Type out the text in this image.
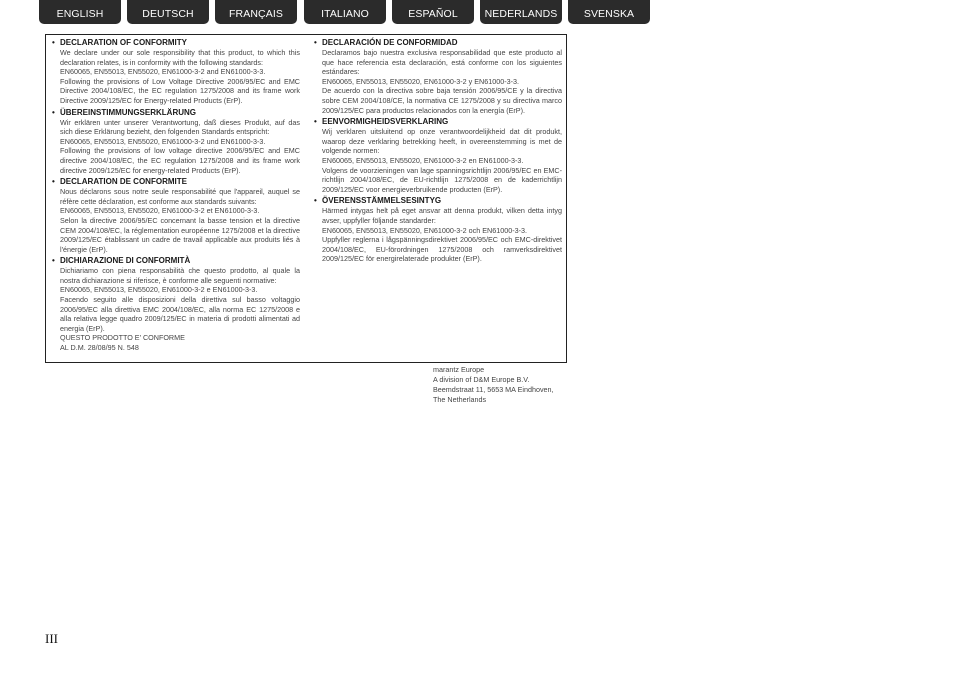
ENGLISH	DEUTSCH	FRANÇAIS	ITALIANO	ESPAÑOL	NEDERLANDS	SVENSKA
• DECLARATION OF CONFORMITY

We declare under our sole responsibility that this product, to which this declaration relates, is in conformity with the following standards:

EN60065, EN55013, EN55020, EN61000-3-2 and EN61000-3-3.

Following the provisions of Low Voltage Directive 2006/95/EC and EMC Directive 2004/108/EC, the EC regulation 1275/2008 and its frame work Directive 2009/125/EC for Energy-related Products (ErP).

• ÜBEREINSTIMMUNGSERKLÄRUNG

Wir erklären unter unserer Verantwortung, daß dieses Produkt, auf das sich diese Erklärung bezieht, den folgenden Standards entspricht:

EN60065, EN55013, EN55020, EN61000-3-2 und EN61000-3-3.

Following the provisions of low voltage directive 2006/95/EC and EMC directive 2004/108/EC, the EC regulation 1275/2008 and its frame work directive 2009/125/EC for energy-related Products (ErP).

• DECLARATION DE CONFORMITE

Nous déclarons sous notre seule responsabilité que l'appareil, auquel se réfère cette déclaration, est conforme aux standards suivants:

EN60065, EN55013, EN55020, EN61000-3-2 et EN61000-3-3.

Selon la directive 2006/95/EC concernant la basse tension et la directive CEM 2004/108/EC, la réglementation européenne 1275/2008 et la directive 2009/125/EC établissant un cadre de travail applicable aux produits liés à l'énergie (ErP).

• DICHIARAZIONE DI CONFORMITÀ

Dichiariamo con piena responsabilità che questo prodotto, al quale la nostra dichiarazione si riferisce, è conforme alle seguenti normative:

EN60065, EN55013, EN55020, EN61000-3-2 e EN61000-3-3.

Facendo seguito alle disposizioni della direttiva sul basso voltaggio 2006/95/EC alla direttiva EMC 2004/108/EC, alla norma EC 1275/2008 e alla relativa legge quadro 2009/125/EC in materia di prodotti alimentati ad energia (ErP).

QUESTO PRODOTTO E' CONFORME

AL D.M. 28/08/95 N. 548

• DECLARACIÓN DE CONFORMIDAD

Declaramos bajo nuestra exclusiva responsabilidad que este producto al que hace referencia esta declaración, está conforme con los siguientes estándares:

EN60065, EN55013, EN55020, EN61000-3-2 y EN61000-3-3.

De acuerdo con la directiva sobre baja tensión 2006/95/CE y la directiva sobre CEM 2004/108/CE, la normativa CE 1275/2008 y su directiva marco 2009/125/EC para productos relacionados con la energía (ErP).

• EENVORMIGHEIDSVERKLARING

Wij verklaren uitsluitend op onze verantwoordelijkheid dat dit produkt, waarop deze verklaring betrekking heeft, in overeenstemming is met de volgende normen:

EN60065, EN55013, EN55020, EN61000-3-2 en EN61000-3-3.

Volgens de voorzieningen van lage spanningsrichtlijn 2006/95/EC en EMC-richtlijn 2004/108/EC, de EU-richtlijn 1275/2008 en de kaderrichtlijn 2009/125/EC voor energieverbruikende producten (ErP).

• ÖVERENSSTÄMMELSESINTYG

Härmed intygas helt på eget ansvar att denna produkt, vilken detta intyg avser, uppfyller följande standarder:

EN60065, EN55013, EN55020, EN61000-3-2 och EN61000-3-3.

Uppfyller reglerna i lågspänningsdirektivet 2006/95/EC och EMC-direktivet 2004/108/EC, EU-förordningen 1275/2008 och ramverksdirektivet 2009/125/EC för energirelaterade produkter (ErP).

marantz Europe

A division of D&M Europe B.V.

Beemdstraat 11, 5653 MA Eindhoven,

The Netherlands

III
